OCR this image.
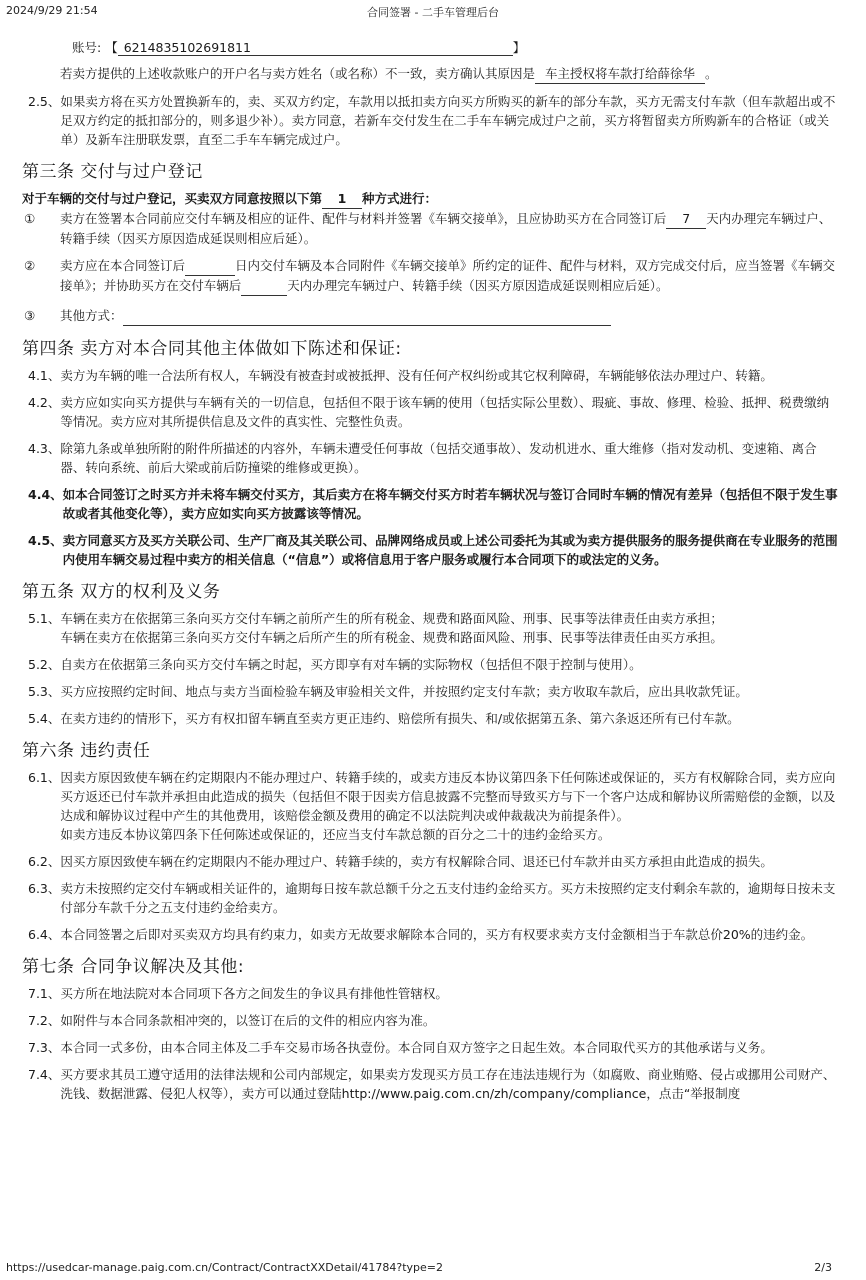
2024/9/29 21:54	合同签署 - 二手车管理后台
账号: 【 6214835102691811	】
若卖方提供的上述收款账户的开户名与卖方姓名（或名称）不一致，卖方确认其原因是 车主授权将车款打给薛徐华 。
2.5、 如果卖方将在买方处置换新车的，卖、买双方约定，车款用以抵扣卖方向买方所购买的新车的部分车款，买方无需支付车款（但车款超出或不足双方约定的抵扣部分的，则多退少补）。卖方同意，若新车交付发生在二手车车辆完成过户之前，买方将暂留卖方所购新车的合格证（或关单）及新车注册联发票，直至二手车车辆完成过户。
第三条 交付与过户登记
对于车辆的交付与过户登记，买卖双方同意按照以下第 1 种方式进行：
①	卖方在签署本合同前应交付车辆及相应的证件、配件与材料并签署《车辆交接单》，且应协助买方在合同签订后 7 天内办理完车辆过户、转籍手续（因买方原因造成延误则相应后延）。
②	卖方应在本合同签订后	日内交付车辆及本合同附件《车辆交接单》所约定的证件、配件与材料，双方完成交付后，应当签署《车辆交接单》；并协助买方在交付车辆后	天内办理完车辆过户、转籍手续（因买方原因造成延误则相应后延）。
③	其他方式：
第四条 卖方对本合同其他主体做如下陈述和保证:
4.1、 卖方为车辆的唯一合法所有权人，车辆没有被查封或被抵押、没有任何产权纠纷或其它权利障碍，车辆能够依法办理过户、转籍。
4.2、 卖方应如实向买方提供与车辆有关的一切信息，包括但不限于该车辆的使用（包括实际公里数）、瑕疵、事故、修理、检验、抵押、税费缴纳等情况。卖方应对其所提供信息及文件的真实性、完整性负责。
4.3、 除第九条或单独所附的附件所描述的内容外，车辆未遭受任何事故（包括交通事故）、发动机进水、重大维修（指对发动机、变速箱、离合器、转向系统、前后大梁或前后防撞梁的维修或更换）。
4.4、 如本合同签订之时买方并未将车辆交付买方，其后卖方在将车辆交付买方时若车辆状况与签订合同时车辆的情况有差异（包括但不限于发生事故或者其他变化等），卖方应如实向买方披露该等情况。
4.5、 卖方同意买方及买方关联公司、生产厂商及其关联公司、品牌网络成员或上述公司委托为其或为卖方提供服务的服务提供商在专业服务的范围内使用车辆交易过程中卖方的相关信息（“信息”）或将信息用于客户服务或履行本合同项下的或法定的义务。
第五条 双方的权利及义务
5.1、 车辆在卖方在依据第三条向买方交付车辆之前所产生的所有税金、规费和路面风险、刑事、民事等法律责任由卖方承担；
车辆在卖方在依据第三条向买方交付车辆之后所产生的所有税金、规费和路面风险、刑事、民事等法律责任由买方承担。
5.2、 自卖方在依据第三条向买方交付车辆之时起，买方即享有对车辆的实际物权（包括但不限于控制与使用）。
5.3、 买方应按照约定时间、地点与卖方当面检验车辆及审验相关文件，并按照约定支付车款；卖方收取车款后，应出具收款凭证。
5.4、 在卖方违约的情形下，买方有权扣留车辆直至卖方更正违约、赔偿所有损失、和/或依据第五条、第六条返还所有已付车款。
第六条 违约责任
6.1、 因卖方原因致使车辆在约定期限内不能办理过户、转籍手续的，或卖方违反本协议第四条下任何陈述或保证的，买方有权解除合同，卖方应向买方返还已付车款并承担由此造成的损失（包括但不限于因卖方信息披露不完整而导致买方与下一个客户达成和解协议所需赔偿的金额，以及达成和解协议过程中产生的其他费用，该赔偿金额及费用的确定不以法院判决或仲裁裁决为前提条件）。
如卖方违反本协议第四条下任何陈述或保证的，还应当支付车款总额的百分之二十的违约金给买方。
6.2、 因买方原因致使车辆在约定期限内不能办理过户、转籍手续的，卖方有权解除合同、退还已付车款并由买方承担由此造成的损失。
6.3、 卖方未按照约定交付车辆或相关证件的，逾期每日按车款总额千分之五支付违约金给买方。买方未按照约定支付剩余车款的，逾期每日按未支付部分车款千分之五支付违约金给卖方。
6.4、 本合同签署之后即对买卖双方均具有约束力，如卖方无故要求解除本合同的，买方有权要求卖方支付金额相当于车款总价20%的违约金。
第七条 合同争议解决及其他:
7.1、 买方所在地法院对本合同项下各方之间发生的争议具有排他性管辖权。
7.2、 如附件与本合同条款相冲突的，以签订在后的文件的相应内容为准。
7.3、 本合同一式多份，由本合同主体及二手车交易市场各执壹份。本合同自双方签字之日起生效。本合同取代买方的其他承诺与义务。
7.4、 买方要求其员工遵守适用的法律法规和公司内部规定，如果卖方发现买方员工存在违法违规行为（如腐败、商业贿赂、侵占或挪用公司财产、洗钱、数据泄露、侵犯人权等），卖方可以通过登陆http://www.paig.com.cn/zh/company/compliance，点击“举报制度
https://usedcar-manage.paig.com.cn/Contract/ContractXXDetail/41784?type=2	2/3
